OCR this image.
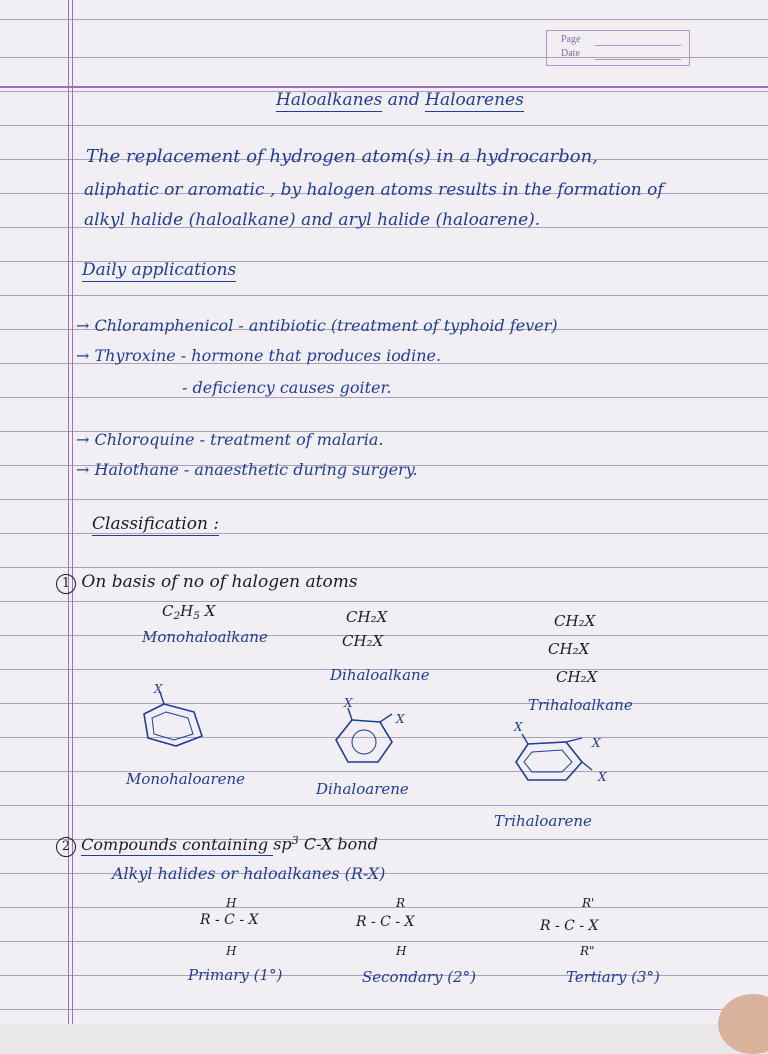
Page
Date
Haloalkanes and Haloarenes
The replacement of hydrogen atom(s) in a hydrocarbon,
aliphatic or aromatic , by halogen atoms results in the formation of
alkyl halide (haloalkane) and aryl halide (haloarene).
Daily applications
→ Chloramphenicol - antibiotic (treatment of typhoid fever)
→ Thyroxine - hormone that produces iodine.
- deficiency causes goiter.
→ Chloroquine - treatment of malaria.
→ Halothane - anaesthetic during surgery.
Classification :
1 On basis of no of halogen atoms
$C_2H_5$ X
Monohaloalkane
CH₂X
CH₂X
Dihaloalkane
CH₂X
CH₂X
CH₂X
Trihaloalkane
X
Monohaloarene
X
X
Dihaloarene
X
X
X
Trihaloarene
2 Compounds containing $sp^3$ C-X bond
Alkyl halides or haloalkanes (R-X)
H
R - C - X
H
Primary (1°)
R
R - C - X
H
Secondary (2°)
R'
R - C - X
R"
Tertiary (3°)
